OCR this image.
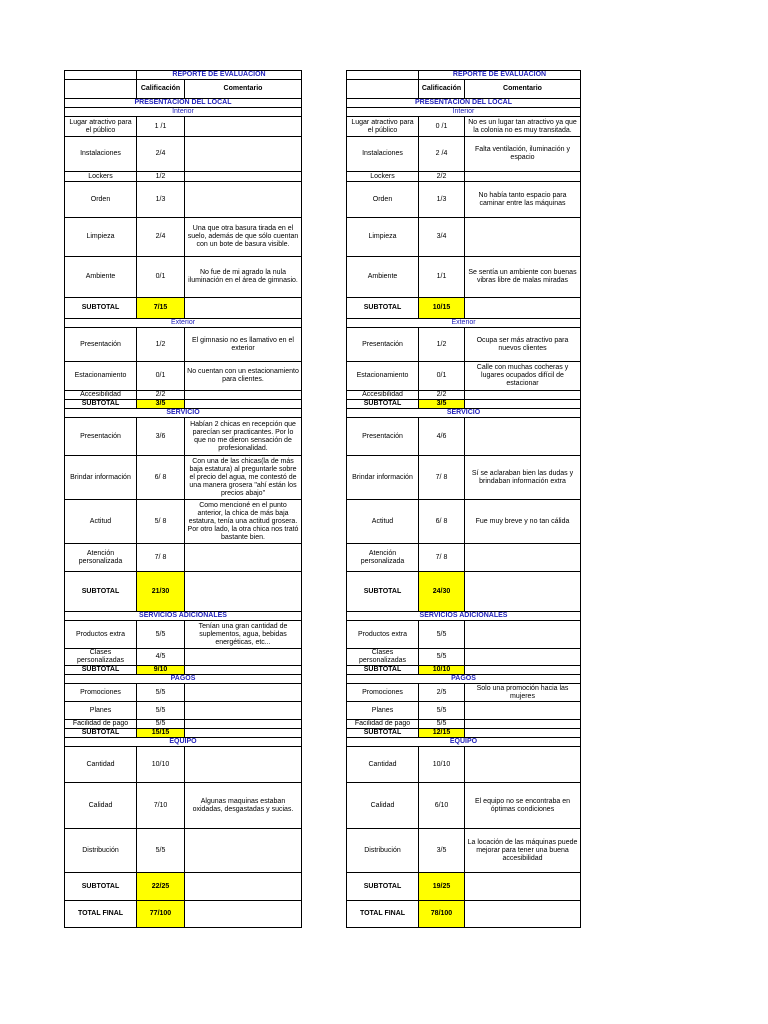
	REPORTE DE EVALUACION	
	Calificación	Comentario
PRESENTACION DEL LOCAL		
Interior		
Lugar atractivo para el público	1 /1	
Instalaciones	2/4	
Lockers	1/2	
Orden	1/3	
Limpieza	2/4	Una que otra basura tirada en el suelo, además de que sólo cuentan con un bote de basura visible.
Ambiente	0/1	No fue de mi agrado la nula iluminación en el área de gimnasio.
SUBTOTAL	7/15	
Exterior		
Presentación	1/2	El gimnasio no es llamativo en el exterior
Estacionamiento	0/1	No cuentan con un estacionamiento para clientes.
Accesibilidad	2/2	
SUBTOTAL	3/5	
SERVICIO		
Presentación	3/6	Habían 2 chicas en recepción que parecían ser practicantes. Por lo que no me dieron sensación de profesionalidad.
Brindar información	6/ 8	Con una de las chicas(la de más baja estatura) al preguntarle sobre el precio del agua, me contestó de una manera grosera "ahí están los precios abajo"
Actitud	5/ 8	Como mencioné en el punto anterior, la chica de más baja estatura, tenía una actitud grosera. Por otro lado, la otra chica nos trató bastante bien.
Atención personalizada	7/ 8	
SUBTOTAL	21/30	
SERVICIOS ADICIONALES		
Productos extra	5/5	Tenían una gran cantidad de suplementos, agua, bebidas energéticas, etc...
Clases personalizadas	4/5	
SUBTOTAL	9/10	
PAGOS		
Promociones	5/5	
Planes	5/5	
Facilidad de pago	5/5	
SUBTOTAL	15/15	
EQUIPO		
Cantidad	10/10	
Calidad	7/10	Algunas maquinas estaban oxidadas, desgastadas y sucias.
Distribución	5/5	
SUBTOTAL	22/25	
TOTAL FINAL	77/100	
	REPORTE DE EVALUACION	
	Calificación	Comentario
PRESENTACION DEL LOCAL		
Interior		
Lugar atractivo para el público	0 /1	No es un lugar tan atractivo ya que la colonia no es muy transitada.
Instalaciones	2 /4	Falta ventilación, iluminación y espacio
Lockers	2/2	
Orden	1/3	No había tanto espacio para caminar entre las máquinas
Limpieza	3/4	
Ambiente	1/1	Se sentía un ambiente con buenas vibras libre de malas miradas
SUBTOTAL	10/15	
Exterior		
Presentación	1/2	Ocupa ser más atractivo para nuevos clientes
Estacionamiento	0/1	Calle con muchas cocheras y lugares ocupados difícil de estacionar
Accesibilidad	2/2	
SUBTOTAL	3/5	
SERVICIO		
Presentación	4/6	
Brindar información	7/ 8	Sí se aclaraban bien las dudas y brindaban información extra
Actitud	6/ 8	Fue muy breve y no tan cálida
Atención personalizada	7/ 8	
SUBTOTAL	24/30	
SERVICIOS ADICIONALES		
Productos extra	5/5	
Clases personalizadas	5/5	
SUBTOTAL	10/10	
PAGOS		
Promociones	2/5	Solo una promoción hacia las mujeres
Planes	5/5	
Facilidad de pago	5/5	
SUBTOTAL	12/15	
EQUIPO		
Cantidad	10/10	
Calidad	6/10	El equipo no se encontraba en óptimas condiciones
Distribución	3/5	La locación de las máquinas puede mejorar para tener una buena accesibilidad
SUBTOTAL	19/25	
TOTAL FINAL	78/100	
